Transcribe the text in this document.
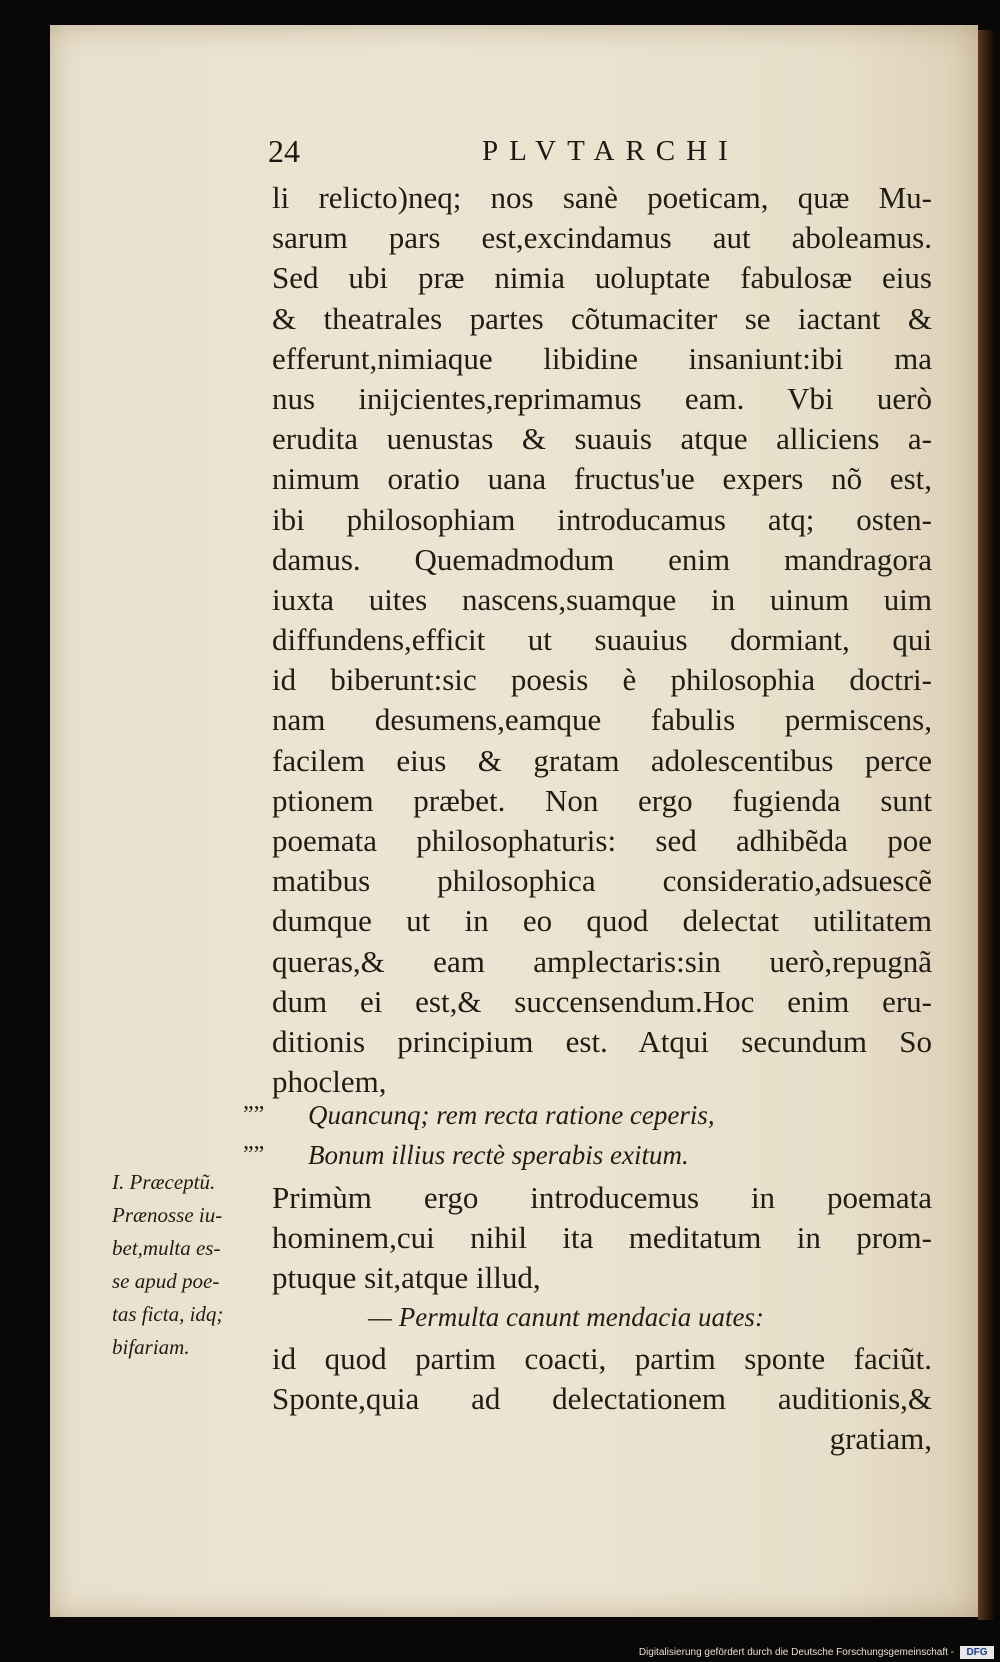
24	PLVTARCHI
li relicto)neq; nos sanè poeticam, quæ Mu-
sarum pars est,excindamus aut aboleamus.
Sed ubi præ nimia uoluptate fabulosæ eius
& theatrales partes cõtumaciter se iactant &
efferunt,nimiaque libidine insaniunt:ibi ma
nus inijcientes,reprimamus eam. Vbi uerò
erudita uenustas & suauis atque alliciens a-
nimum oratio uana fructus'ue expers nõ est,
ibi philosophiam introducamus atq; osten-
damus. Quemadmodum enim mandragora
iuxta uites nascens,suamque in uinum uim
diffundens,efficit ut suauius dormiant, qui
id biberunt:sic poesis è philosophia doctri-
nam desumens,eamque fabulis permiscens,
facilem eius & gratam adolescentibus perce
ptionem præbet. Non ergo fugienda sunt
poemata philosophaturis: sed adhibẽda poe
matibus philosophica consideratio,adsuescẽ
dumque ut in eo quod delectat utilitatem
queras,& eam amplectaris:sin uerò,repugnã
dum ei est,& succensendum.Hoc enim eru-
ditionis principium est. Atqui secundum So
phoclem,
””
””
Quancunq; rem recta ratione ceperis,
Bonum illius rectè sperabis exitum.
Primùm ergo introducemus in poemata
hominem,cui nihil ita meditatum in prom-
ptuque sit,atque illud,
id quod partim coacti, partim sponte faciũt.
Sponte,quia ad delectationem auditionis,&
gratiam,
— Permulta canunt mendacia uates:
I. Præceptũ.
Prænosse iu-
bet,multa es-
se apud poe-
tas ficta, idq;
bifariam.
Digitalisierung gefördert durch die Deutsche Forschungsgemeinschaft -	DFG
